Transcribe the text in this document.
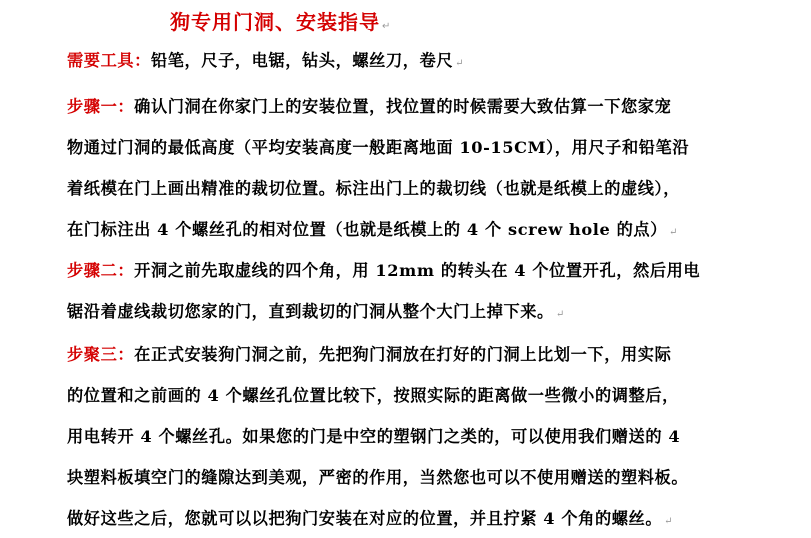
狗专用门洞、安装指导 ↵
需要工具：铅笔，尺子，电锯，钻头，螺丝刀，卷尺 ↵
步骤一：确认门洞在你家门上的安装位置，找位置的时候需要大致估算一下您家宠
物通过门洞的最低高度（平均安装高度一般距离地面 10-15CM），用尺子和铅笔沿
着纸模在门上画出精准的裁切位置。标注出门上的裁切线（也就是纸模上的虚线），
在门标注出 4 个螺丝孔的相对位置（也就是纸模上的 4 个 screw hole 的点） ↵
步骤二：开洞之前先取虚线的四个角，用 12mm 的转头在 4 个位置开孔，然后用电
锯沿着虚线裁切您家的门，直到裁切的门洞从整个大门上掉下来。 ↵
步聚三：在正式安装狗门洞之前，先把狗门洞放在打好的门洞上比划一下，用实际
的位置和之前画的 4 个螺丝孔位置比较下，按照实际的距离做一些微小的调整后，
用电转开 4 个螺丝孔。如果您的门是中空的塑钢门之类的，可以使用我们赠送的 4
块塑料板填空门的缝隙达到美观，严密的作用，当然您也可以不使用赠送的塑料板。
做好这些之后，您就可以以把狗门安装在对应的位置，并且拧紧 4 个角的螺丝。 ↵
